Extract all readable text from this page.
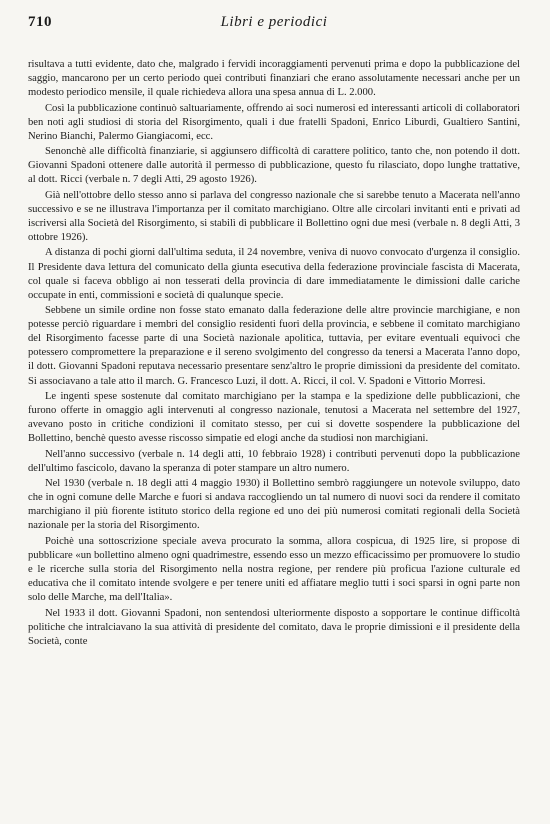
710	Libri e periodici

risultava a tutti evidente, dato che, malgrado i fervidi incoraggiamenti pervenuti prima e dopo la pubblicazione del saggio, mancarono per un certo periodo quei contributi finanziari che erano assolutamente necessari anche per un modesto periodico mensile, il quale richiedeva allora una spesa annua di L. 2.000.

Così la pubblicazione continuò saltuariamente, offrendo ai soci numerosi ed interessanti articoli di collaboratori ben noti agli studiosi di storia del Risorgimento, quali i due fratelli Spadoni, Enrico Liburdi, Gualtiero Santini, Nerino Bianchi, Palermo Giangiacomi, ecc.

Senonchè alle difficoltà finanziarie, si aggiunsero difficoltà di carattere politico, tanto che, non potendo il dott. Giovanni Spadoni ottenere dalle autorità il permesso di pubblicazione, questo fu rilasciato, dopo lunghe trattative, al dott. Ricci (verbale n. 7 degli Atti, 29 agosto 1926).

Già nell'ottobre dello stesso anno si parlava del congresso nazionale che si sarebbe tenuto a Macerata nell'anno successivo e se ne illustrava l'importanza per il comitato marchigiano. Oltre alle circolari invitanti enti e privati ad iscriversi alla Società del Risorgimento, si stabilì di pubblicare il Bollettino ogni due mesi (verbale n. 8 degli Atti, 3 ottobre 1926).

A distanza di pochi giorni dall'ultima seduta, il 24 novembre, veniva di nuovo convocato d'urgenza il consiglio. Il Presidente dava lettura del comunicato della giunta esecutiva della federazione provinciale fascista di Macerata, col quale si faceva obbligo ai non tesserati della provincia di dare immediatamente le dimissioni dalle cariche occupate in enti, commissioni e società di qualunque specie.

Sebbene un simile ordine non fosse stato emanato dalla federazione delle altre provincie marchigiane, e non potesse perciò riguardare i membri del consiglio residenti fuori della provincia, e sebbene il comitato marchigiano del Risorgimento facesse parte di una Società nazionale apolitica, tuttavia, per evitare eventuali equivoci che potessero compromettere la preparazione e il sereno svolgimento del congresso da tenersi a Macerata l'anno dopo, il dott. Giovanni Spadoni reputava necessario presentare senz'altro le proprie dimissioni da presidente del comitato. Si associavano a tale atto il march. G. Francesco Luzi, il dott. A. Ricci, il col. V. Spadoni e Vittorio Morresi.

Le ingenti spese sostenute dal comitato marchigiano per la stampa e la spedizione delle pubblicazioni, che furono offerte in omaggio agli intervenuti al congresso nazionale, tenutosi a Macerata nel settembre del 1927, avevano posto in critiche condizioni il comitato stesso, per cui si dovette sospendere la pubblicazione del Bollettino, benchè questo avesse riscosso simpatie ed elogi anche da studiosi non marchigiani.

Nell'anno successivo (verbale n. 14 degli atti, 10 febbraio 1928) i contributi pervenuti dopo la pubblicazione dell'ultimo fascicolo, davano la speranza di poter stampare un altro numero.

Nel 1930 (verbale n. 18 degli atti 4 maggio 1930) il Bollettino sembrò raggiungere un notevole sviluppo, dato che in ogni comune delle Marche e fuori si andava raccogliendo un tal numero di nuovi soci da rendere il comitato marchigiano il più fiorente istituto storico della regione ed uno dei più numerosi comitati regionali della Società nazionale per la storia del Risorgimento.

Poichè una sottoscrizione speciale aveva procurato la somma, allora cospicua, di 1925 lire, si propose di pubblicare «un bollettino almeno ogni quadrimestre, essendo esso un mezzo efficacissimo per promuovere lo studio e le ricerche sulla storia del Risorgimento nella nostra regione, per rendere più proficua l'azione culturale ed educativa che il comitato intende svolgere e per tenere uniti ed affiatare meglio tutti i soci sparsi in ogni parte non solo delle Marche, ma dell'Italia».

Nel 1933 il dott. Giovanni Spadoni, non sentendosi ulteriormente disposto a sopportare le continue difficoltà politiche che intralciavano la sua attività di presidente del comitato, dava le proprie dimissioni e il presidente della Società, conte
